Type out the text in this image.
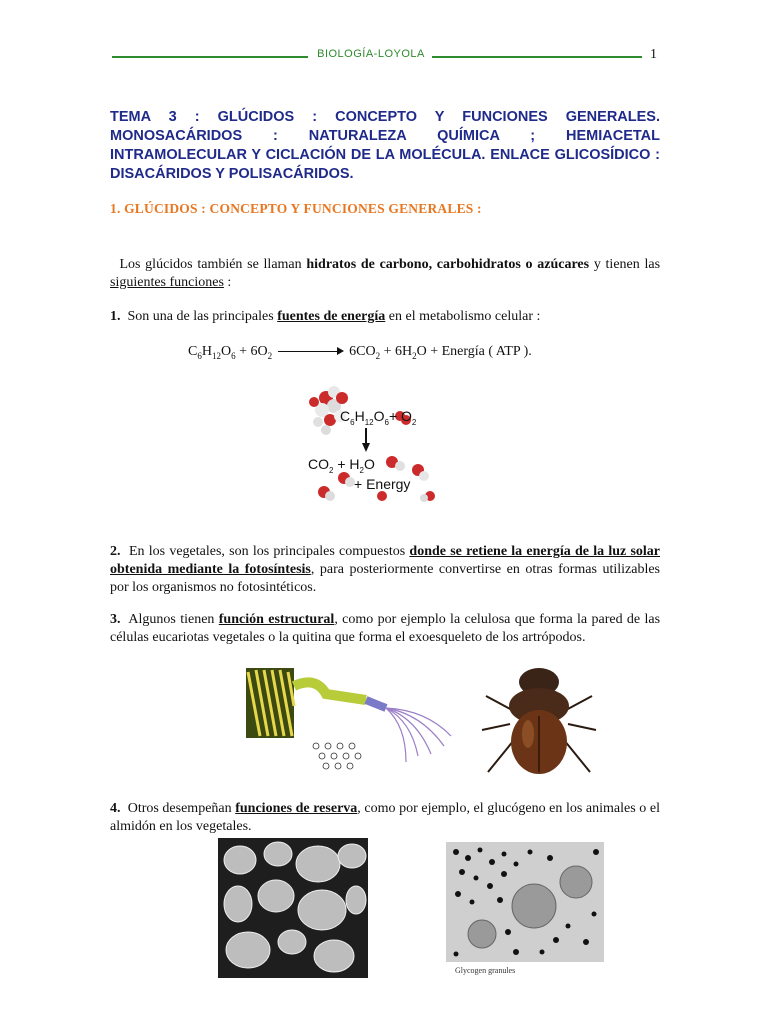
BIOLOGÍA-LOYOLA	1
TEMA 3 : GLÚCIDOS : CONCEPTO Y FUNCIONES GENERALES. MONOSACÁRIDOS : NATURALEZA QUÍMICA ; HEMIACETAL INTRAMOLECULAR Y CICLACIÓN DE LA MOLÉCULA. ENLACE GLICOSÍDICO : DISACÁRIDOS Y POLISACÁRIDOS.
1. GLÚCIDOS : CONCEPTO Y FUNCIONES GENERALES :
Los glúcidos también se llaman hidratos de carbono, carbohidratos o azúcares y tienen las siguientes funciones :
1. Son una de las principales fuentes de energía en el metabolismo celular :
$C_6H_{12}O_6 + 6O_2$	$6CO_2 + 6H_2O$ + Energía ( ATP ).
$C_6H_{12}O_6+ O_2$
$CO_2 + H_2O$
+ Energy
2. En los vegetales, son los principales compuestos donde se retiene la energía de la luz solar obtenida mediante la fotosíntesis, para posteriormente convertirse en otras formas utilizables por los organismos no fotosintéticos.
3. Algunos tienen función estructural, como por ejemplo la celulosa que forma la pared de las células eucariotas vegetales o la quitina que forma el exoesqueleto de los artrópodos.
4. Otros desempeñan funciones de reserva, como por ejemplo, el glucógeno en los animales o el almidón en los vegetales.
Glycogen granules
